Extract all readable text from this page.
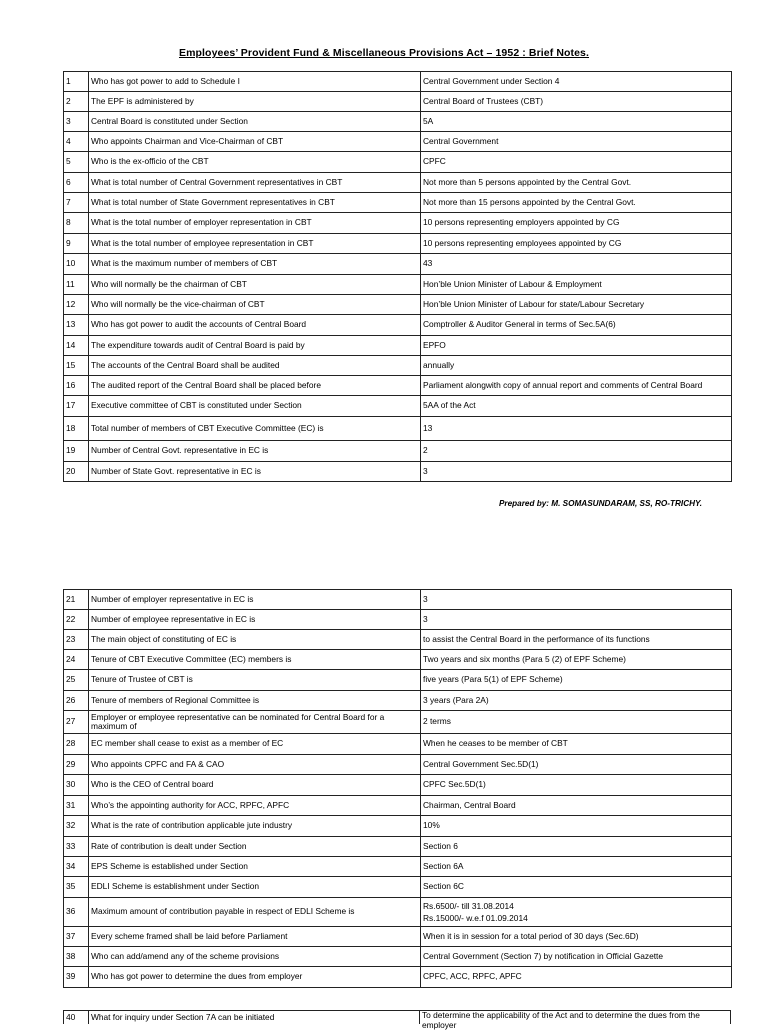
Employees’ Provident Fund & Miscellaneous Provisions Act – 1952 : Brief Notes.
1	Who has got power to add to Schedule I	Central Government under Section 4
2	The EPF is administered by	Central Board of Trustees (CBT)
3	Central Board is constituted under Section	5A
4	Who appoints Chairman and Vice-Chairman of CBT	Central Government
5	Who is the ex-officio of the CBT	CPFC
6	What is total number of Central Government representatives in CBT	Not more than 5 persons appointed by the Central Govt.
7	What is total number of State Government representatives in CBT	Not more than 15 persons appointed by the Central Govt.
8	What is the total number of employer representation in CBT	10 persons representing employers appointed by CG
9	What is the total number of employee representation in CBT	10 persons representing employees appointed by CG
10	What is the maximum number of members of CBT	43
11	Who will normally be the chairman of CBT	Hon’ble Union Minister of Labour & Employment
12	Who will normally be the vice-chairman of CBT	Hon’ble Union Minister of Labour for state/Labour Secretary
13	Who has got power to audit the accounts of Central Board	Comptroller & Auditor General in terms of Sec.5A(6)
14	The expenditure towards audit of Central Board is paid by	EPFO
15	The accounts of the Central Board shall be audited	annually
16	The audited report of the Central Board shall be placed before	Parliament alongwith copy of annual report and comments of Central Board
17	Executive committee of CBT is constituted under Section	5AA of the Act
18	Total number of members of CBT Executive Committee (EC) is	13
19	Number of Central Govt. representative in EC is	2
20	Number of State Govt. representative in EC is	3
Prepared by: M. SOMASUNDARAM, SS, RO-TRICHY.
21	Number of employer representative in EC is	3
22	Number of employee representative in EC is	3
23	The main object of constituting of EC is	to assist the Central Board in the performance of its functions
24	Tenure of CBT Executive Committee (EC) members is	Two years and six months (Para 5 (2) of EPF Scheme)
25	Tenure of Trustee of CBT is	five years (Para 5(1) of EPF Scheme)
26	Tenure of members of Regional Committee is	3 years (Para 2A)
27	Employer or employee representative can be nominated for Central Board for a maximum of	2 terms
28	EC member shall cease to exist as a member of EC	When he ceases to be member of CBT
29	Who appoints CPFC and FA & CAO	Central Government Sec.5D(1)
30	Who is the CEO of Central board	CPFC Sec.5D(1)
31	Who’s the appointing authority for ACC, RPFC, APFC	Chairman, Central Board
32	What is the rate of contribution applicable jute industry	10%
33	Rate of contribution is dealt under Section	Section 6
34	EPS Scheme is established under Section	Section 6A
35	EDLI Scheme is establishment under Section	Section 6C
36	Maximum amount of contribution payable in respect of EDLI Scheme is	Rs.6500/- till 31.08.2014
Rs.15000/- w.e.f 01.09.2014

37	Every scheme framed shall be laid before Parliament	When it is in session for a total period of 30 days (Sec.6D)
38	Who can add/amend any of the scheme provisions	Central Government (Section 7) by notification in Official Gazette
39	Who has got power to determine the dues from employer	CPFC, ACC, RPFC, APFC
40	What for inquiry under Section 7A can be initiated	To determine the applicability of the Act and to determine the dues from the employer
